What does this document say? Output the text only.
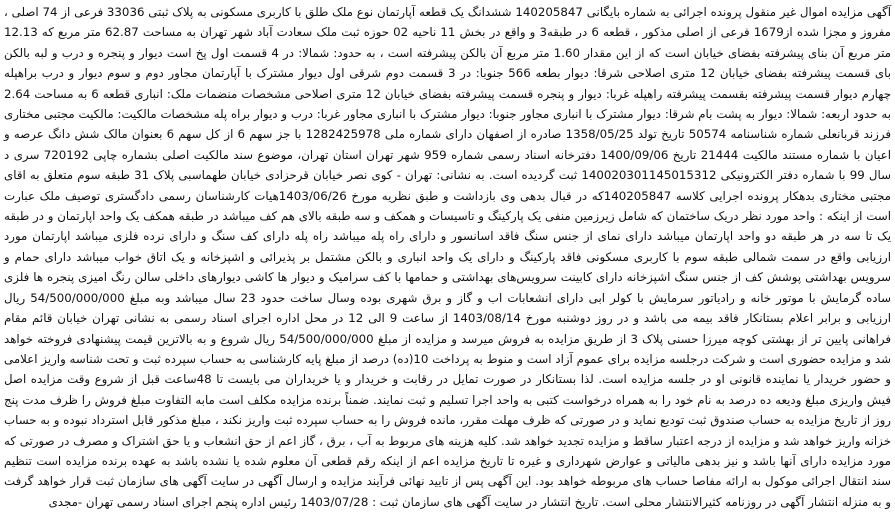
آگهی مزایده اموال غیر منقول پرونده اجرائی به شماره بایگانی 140205847 ششدانگ یک قطعه آپارتمان نوع ملک طلق با کاربری مسکونی به پلاک ثبتی 33036 فرعی از 74 اصلی ، مفروز و مجزا شده از1679 فرعی از اصلی مذکور ، قطعه 6 در طبقه3 و واقع در بخش 11 ناحیه 02 حوزه ثبت ملک سعادت آباد شهر تهران به مساحت 62.87 متر مربع که 12.13 متر مربع آن بنای پیشرفته بفضای خیابان است که از این مقدار 1.60 متر مربع آن بالکن پیشرفته است ، به حدود: شمالا: در 4 قسمت اول پخ است دیوار و پنجره و درب و لبه بالکن بای قسمت پیشرفته بفضای خیابان 12 متری اصلاحی شرقا: دیوار بطعه 566 جنوبا: در 3 قسمت دوم شرقی اول دیوار مشترک با آپارتمان مجاور دوم و سوم دیوار و درب براهپله چهارم دیوار قسمت پیشرفته بقسمت پیشرفته راهپله غربا: دیوار و پنجره قسمت پیشرفته بفضای خیابان 12 متری اصلاحی مشخصات منضمات ملک: انباری قطعه 6 به مساحت 2.64 به حدود اربعه: شمالا: دیوار به پشت بام شرقا: دیوار مشترک با انباری مجاور جنوبا: دیوار مشترک با انباری مجاور غربا: درب و دیوار براه پله مشخصات مالکیت: مالکیت مجتبی مختاری فرزند قربانعلی شماره شناسنامه 50574 تاریخ تولد 1358/05/25 صادره از اصفهان دارای شماره ملی 1282425978 با جز سهم 6 از کل سهم 6 بعنوان مالک شش دانگ عرصه و اعیان با شماره مستند مالکیت 21444 تاریخ 1400/09/06 دفترخانه اسناد رسمی شماره 959 شهر تهران استان تهران، موضوع سند مالکیت اصلی بشماره چاپی 720192 سری د سال 99 با شماره دفتر الکترونیکی 140020301145015312 ثبت گردیده است. به نشانی: تهران - کوی نصر خیابان قرحزادی خیابان طهماسبی پلاک 31 طبقه سوم متعلق به اقای مجتبی مختاری بدهکار پرونده اجرایی کلاسه 140205847که در قبال بدهی وی بازداشت و طبق نظریه مورخ 1403/06/26هیات کارشناسان رسمی دادگستری توصیف ملک عبارت است از اینکه : واحد مورد نظر دریک ساختمان که شامل زیرزمین منفی یک پارکینگ و تاسیسات و همکف و سه طبقه بالای هم کف میباشد در طبقه همکف یک واحد اپارتمان و در طبقه یک تا سه در هر طبقه دو واحد اپارتمان میباشد دارای نمای از جنس سنگ فاقد اسانسور و دارای راه پله میباشد راه پله دارای کف سنگ و دارای نرده فلزی میباشد اپارتمان مورد ارزیابی واقع در سمت شمالی طبقه سوم با کاربری مسکونی فاقد پارکینگ و دارای یک واحد انباری و بالکن مشتمل بر پذیرائی و اشپزخانه و یک اتاق خواب میباشد دارای حمام و سرویس بهداشتی پوشش کف از جنس سنگ اشپزخانه دارای کابینت سرویس‌های بهداشتی و حمامها با کف سرامیک و دیوار ها کاشی دیوارهای داخلی سالن رنگ امیزی پنجره ها فلزی ساده گرمایش با موتور خانه و رادیاتور سرمایش با کولر ابی دارای انشعابات اب و گاز و برق شهری بوده وسال ساخت حدود 23 سال میباشد وبه مبلغ 54/500/000/000 ریال ارزیابی و برابر اعلام بستانکار فاقد بیمه می باشد و در روز دوشنبه مورخ 1403/08/14 از ساعت 9 الی 12 در محل اداره اجرای اسناد رسمی به نشانی تهران خیابان قائم مقام فراهانی پایین تر از بهشتی کوچه میرزا حسنی پلاک 3 از طریق مزایده به فروش میرسد و مزایده از مبلغ 54/500/000/000 ریال شروع و به بالاترین قیمت پیشنهادی فروخته خواهد شد و مزایده حضوری است و شرکت درجلسه مزایده برای عموم آزاد است و منوط به پرداخت 10(ده) درصد از مبلغ پایه کارشناسی به حساب سپرده ثبت و تحت شناسه واریز اعلامی و حضور خریدار یا نماینده قانونی او در جلسه مزایده است. لذا بستانکار در صورت تمایل در رقابت و خریدار و یا خریداران می بایست تا 48ساعت قبل از شروع وقت مزایده اصل فیش واریزی مبلغ ودیعه ده درصد به نام خود را به همراه درخواست کتبی به واحد اجرا تسلیم و ثبت نمایند. ضمناً برنده مزایده مکلف است مابه التفاوت مبلغ فروش را ظرف مدت پنج روز از تاریخ مزایده به حساب صندوق ثبت تودیع نماید و در صورتی که ظرف مهلت مقرر، مانده فروش را به حساب سپرده ثبت واریز نکند ، مبلغ مذکور قابل استرداد نبوده و به حساب خزانه واریز خواهد شد و مزایده از درجه اعتبار ساقط و مزایده تجدید خواهد شد. کلیه هزینه های مربوط به آب ، برق ، گاز اعم از حق انشعاب و یا حق اشتراک و مصرف در صورتی که مورد مزایده دارای آنها باشد و نیز بدهی مالیاتی و عوارض شهرداری و غیره تا تاریخ مزایده اعم از اینکه رقم قطعی آن معلوم شده یا نشده باشد به عهده برنده مزایده است تنظیم سند انتقال اجرائی موکول به ارائه مفاصا حساب های مربوطه خواهد بود. این آگهی پس از تایید نهائی فرآیند مزایده و ارسال آگهی در سایت آگهی های سازمان ثبت قرار خواهد گرفت و به منزله انتشار آگهی در روزنامه کثیرالانتشار محلی است. تاریخ انتشار در سایت آگهی های سازمان ثبت : 1403/07/28 رئیس اداره پنجم اجرای اسناد رسمی تهران -مجدی
